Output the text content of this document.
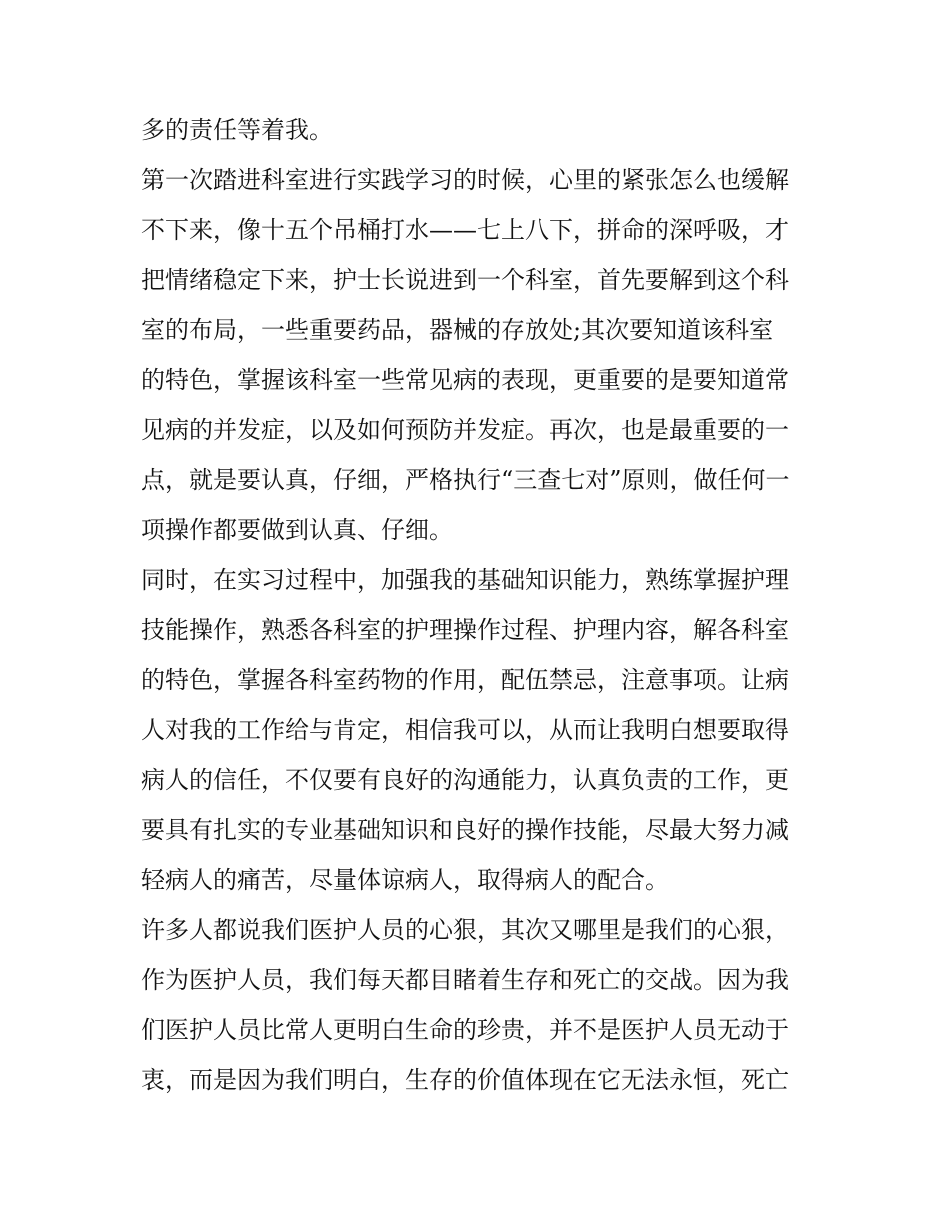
多的责任等着我。
第一次踏进科室进行实践学习的时候，心里的紧张怎么也缓解
不下来，像十五个吊桶打水——七上八下，拼命的深呼吸，才
把情绪稳定下来，护士长说进到一个科室，首先要解到这个科
室的布局，一些重要药品，器械的存放处;其次要知道该科室
的特色，掌握该科室一些常见病的表现，更重要的是要知道常
见病的并发症，以及如何预防并发症。再次，也是最重要的一
点，就是要认真，仔细，严格执行“三查七对”原则，做任何一
项操作都要做到认真、仔细。
同时，在实习过程中，加强我的基础知识能力，熟练掌握护理
技能操作，熟悉各科室的护理操作过程、护理内容，解各科室
的特色，掌握各科室药物的作用，配伍禁忌，注意事项。让病
人对我的工作给与肯定，相信我可以，从而让我明白想要取得
病人的信任，不仅要有良好的沟通能力，认真负责的工作，更
要具有扎实的专业基础知识和良好的操作技能，尽最大努力减
轻病人的痛苦，尽量体谅病人，取得病人的配合。
许多人都说我们医护人员的心狠，其次又哪里是我们的心狠，
作为医护人员，我们每天都目睹着生存和死亡的交战。因为我
们医护人员比常人更明白生命的珍贵，并不是医护人员无动于
衷，而是因为我们明白，生存的价值体现在它无法永恒，死亡
